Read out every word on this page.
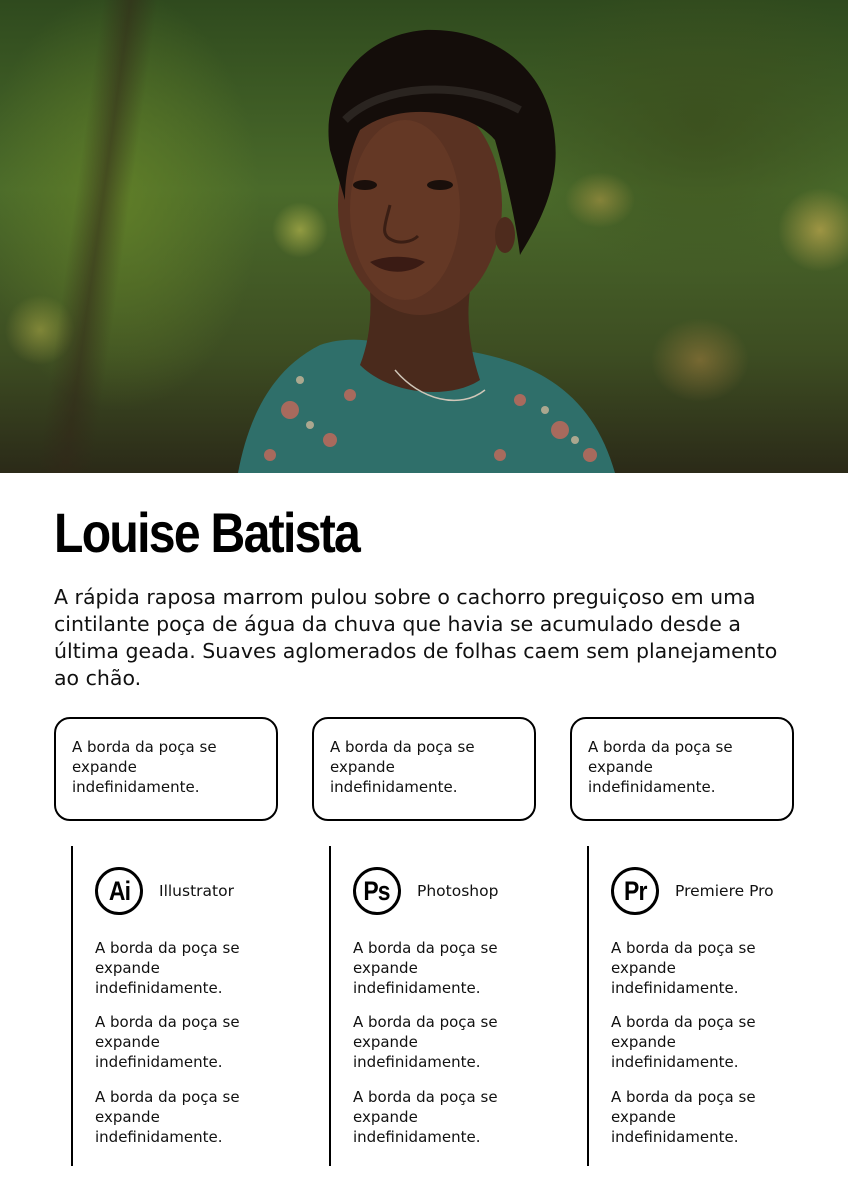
Louise Batista
A rápida raposa marrom pulou sobre o cachorro preguiçoso em uma cintilante poça de água da chuva que havia se acumulado desde a última geada. Suaves aglomerados de folhas caem sem planejamento ao chão.
A borda da poça se expande indefinidamente.
A borda da poça se expande indefinidamente.
A borda da poça se expande indefinidamente.
Ai Illustrator
A borda da poça se expande indefinidamente.
A borda da poça se expande indefinidamente.
A borda da poça se expande indefinidamente.
Ps Photoshop
A borda da poça se expande indefinidamente.
A borda da poça se expande indefinidamente.
A borda da poça se expande indefinidamente.
Pr Premiere Pro
A borda da poça se expande indefinidamente.
A borda da poça se expande indefinidamente.
A borda da poça se expande indefinidamente.
